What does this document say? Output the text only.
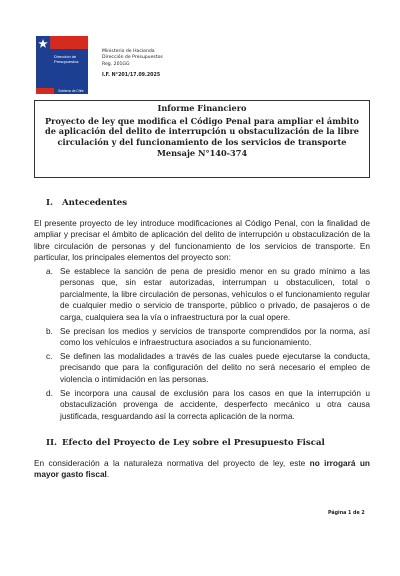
Dirección de
Presupuestos
Gobierno de Chile
Ministerio de Hacienda
Dirección de Presupuestos
Reg. 201GG
I.F. N°201/17.09.2025
Informe Financiero
Proyecto de ley que modifica el Código Penal para ampliar el ámbito de aplicación del delito de interrupción u obstaculización de la libre circulación y del funcionamiento de los servicios de transporte
Mensaje N°140-374
I. Antecedentes
El presente proyecto de ley introduce modificaciones al Código Penal, con la finalidad de ampliar y precisar el ámbito de aplicación del delito de interrupción u obstaculización de la libre circulación de personas y del funcionamiento de los servicios de transporte. En particular, los principales elementos del proyecto son:
a. Se establece la sanción de pena de presidio menor en su grado mínimo a las personas que, sin estar autorizadas, interrumpan u obstaculicen, total o parcialmente, la libre circulación de personas, vehículos o el funcionamiento regular de cualquier medio o servicio de transporte, público o privado, de pasajeros o de carga, cualquiera sea la vía o infraestructura por la cual opere.
b. Se precisan los medios y servicios de transporte comprendidos por la norma, así como los vehículos e infraestructura asociados a su funcionamiento.
c. Se definen las modalidades a través de las cuales puede ejecutarse la conducta, precisando que para la configuración del delito no será necesario el empleo de violencia o intimidación en las personas.
d. Se incorpora una causal de exclusión para los casos en que la interrupción u obstaculización provenga de accidente, desperfecto mecánico u otra causa justificada, resguardando así la correcta aplicación de la norma.
II. Efecto del Proyecto de Ley sobre el Presupuesto Fiscal
En consideración a la naturaleza normativa del proyecto de ley, este no irrogará un mayor gasto fiscal.
Página 1 de 2
